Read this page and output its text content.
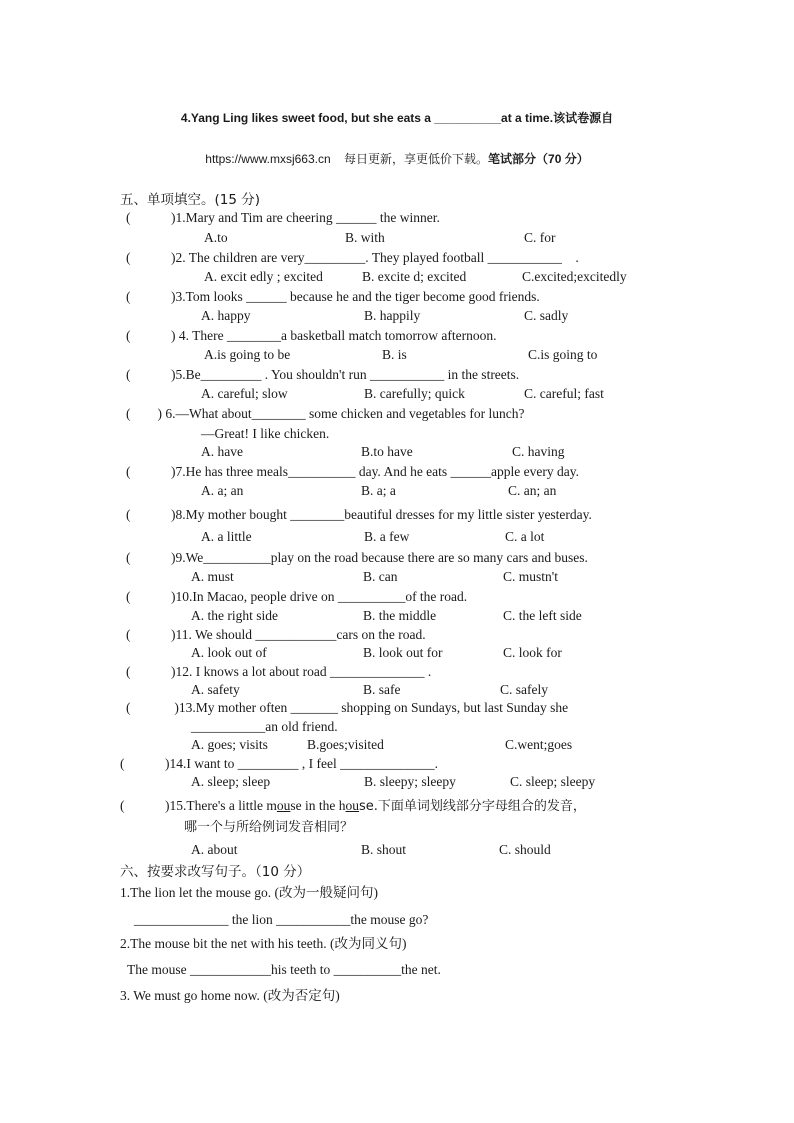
4.Yang Ling likes sweet food, but she eats a __________at a time.该试卷源自
https://www.mxsj663.cn 每日更新，享更低价下载。笔试部分（70 分）
五、单项填空。(15 分)
(　　　)1.Mary and Tim are cheering ______ the winner.
A.to	B. with	C. for
(　　　)2. The children are very_________. They played football ___________　.
A. excit edly ; excited	B. excite d; excited	C.excited;excitedly
(　　　)3.Tom looks ______ because he and the tiger become good friends.
A. happy	B. happily	C. sadly
(　　　) 4. There ________a basketball match tomorrow afternoon.
A.is going to be	B. is	C.is going to
(　　　)5.Be_________ . You shouldn't run ___________ in the streets.
A. careful; slow	B. carefully; quick	C. careful; fast
(　　) 6.—What about________ some chicken and vegetables for lunch?
—Great! I like chicken.
A. have	B.to have	C. having
(　　　)7.He has three meals__________ day. And he eats ______apple every day.
A. a; an	B. a; a	C. an; an
(　　　)8.My mother bought ________beautiful dresses for my little sister yesterday.
A. a little	B. a few	C. a lot
(　　　)9.We__________play on the road because there are so many cars and buses.
A. must	B. can	C. mustn't
(　　　)10.In Macao, people drive on __________of the road.
A. the right side	B. the middle	C. the left side
(　　　)11. We should ____________cars on the road.
A. look out of	B. look out for	C. look for
(　　　)12. I knows a lot about road ______________ .
A. safety	B. safe	C. safely
(　　　 )13.My mother often _______ shopping on Sundays, but last Sunday she
___________an old friend.
A. goes; visits	B.goes;visited	C.went;goes
(　　　)14.I want to _________ , I feel ______________.
A. sleep; sleep	B. sleepy; sleepy	C. sleep; sleepy
(　　　)15.There's a little mouse in the house.下面单词划线部分字母组合的发音，
哪一个与所给例词发音相同？
A. about	B. shout	C. should
六、按要求改写句子。（10 分）
1.The lion let the mouse go. (改为一般疑问句)
______________ the lion ___________the mouse go?
2.The mouse bit the net with his teeth. (改为同义句)
The mouse ____________his teeth to __________the net.
3. We must go home now. (改为否定句)
